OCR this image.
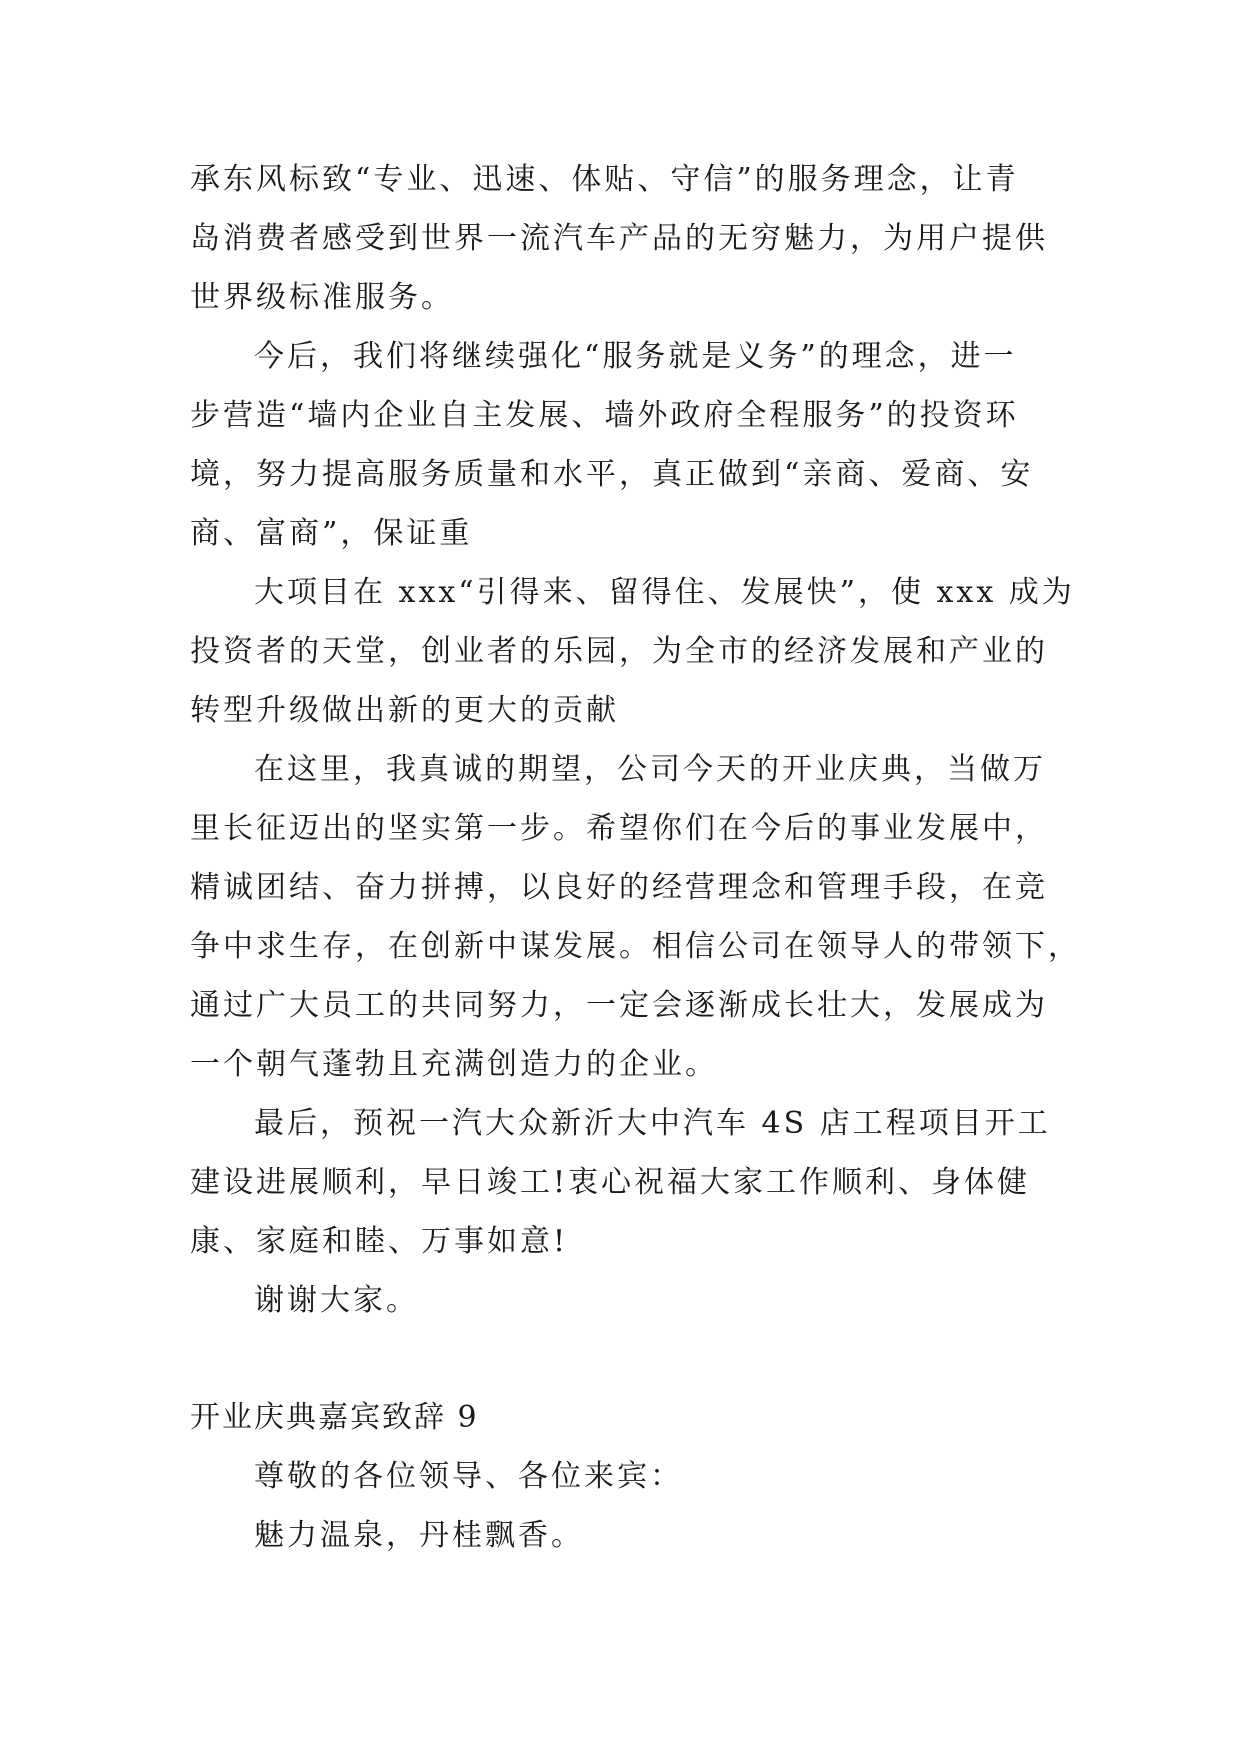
承东风标致“专业、迅速、体贴、守信”的服务理念，让青
岛消费者感受到世界一流汽车产品的无穷魅力，为用户提供
世界级标准服务。
今后，我们将继续强化“服务就是义务”的理念，进一
步营造“墙内企业自主发展、墙外政府全程服务”的投资环
境，努力提高服务质量和水平，真正做到“亲商、爱商、安
商、富商”，保证重
大项目在 xxx“引得来、留得住、发展快”，使 xxx 成为
投资者的天堂，创业者的乐园，为全市的经济发展和产业的
转型升级做出新的更大的贡献
在这里，我真诚的期望，公司今天的开业庆典，当做万
里长征迈出的坚实第一步。希望你们在今后的事业发展中，
精诚团结、奋力拼搏，以良好的经营理念和管理手段，在竞
争中求生存，在创新中谋发展。相信公司在领导人的带领下，
通过广大员工的共同努力，一定会逐渐成长壮大，发展成为
一个朝气蓬勃且充满创造力的企业。
最后，预祝一汽大众新沂大中汽车 4S 店工程项目开工
建设进展顺利，早日竣工!衷心祝福大家工作顺利、身体健
康、家庭和睦、万事如意!
谢谢大家。
开业庆典嘉宾致辞 9
尊敬的各位领导、各位来宾：
魅力温泉，丹桂飘香。
